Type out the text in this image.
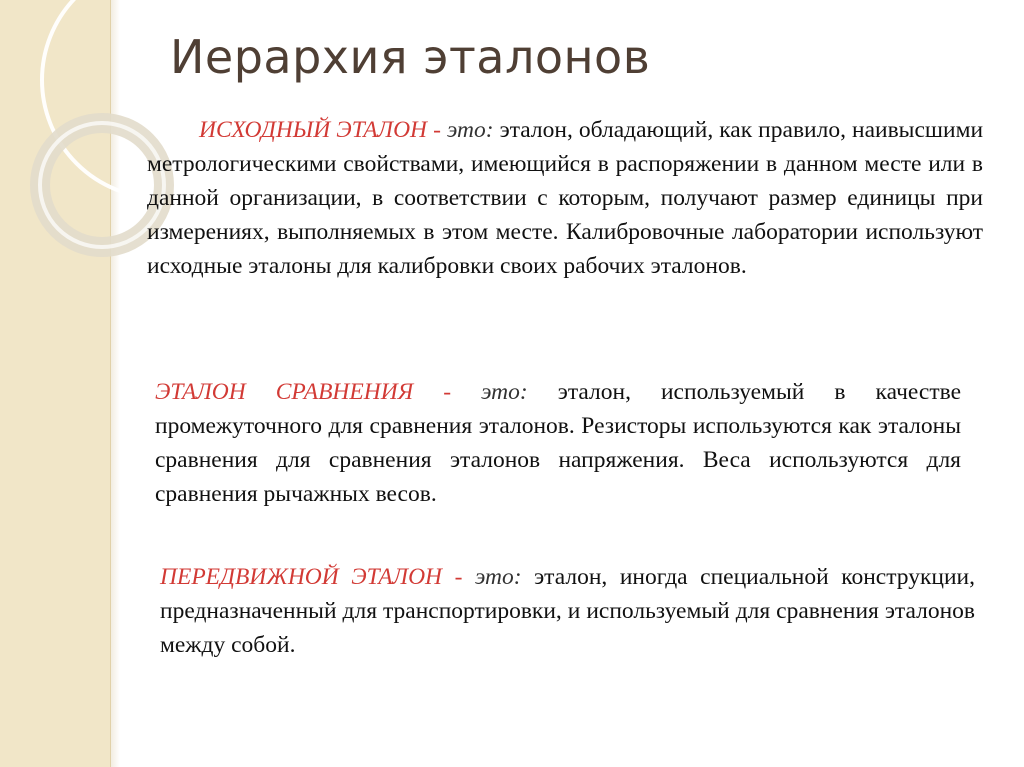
Иерархия эталонов

ИСХОДНЫЙ ЭТАЛОН - это: эталон, обладающий, как правило, наивысшими метрологическими свойствами, имеющийся в распоряжении в данном месте или в данной организации, в соответствии с которым, получают размер единицы при измерениях, выполняемых в этом месте. Калибровочные лаборатории используют исходные эталоны для калибровки своих рабочих эталонов.

ЭТАЛОН СРАВНЕНИЯ - это: эталон, используемый в качестве промежуточного для сравнения эталонов. Резисторы используются как эталоны сравнения для сравнения эталонов напряжения. Веса используются для сравнения рычажных весов.

ПЕРЕДВИЖНОЙ ЭТАЛОН - это: эталон, иногда специальной конструкции, предназначенный для транспортировки, и используемый для сравнения эталонов между собой.
